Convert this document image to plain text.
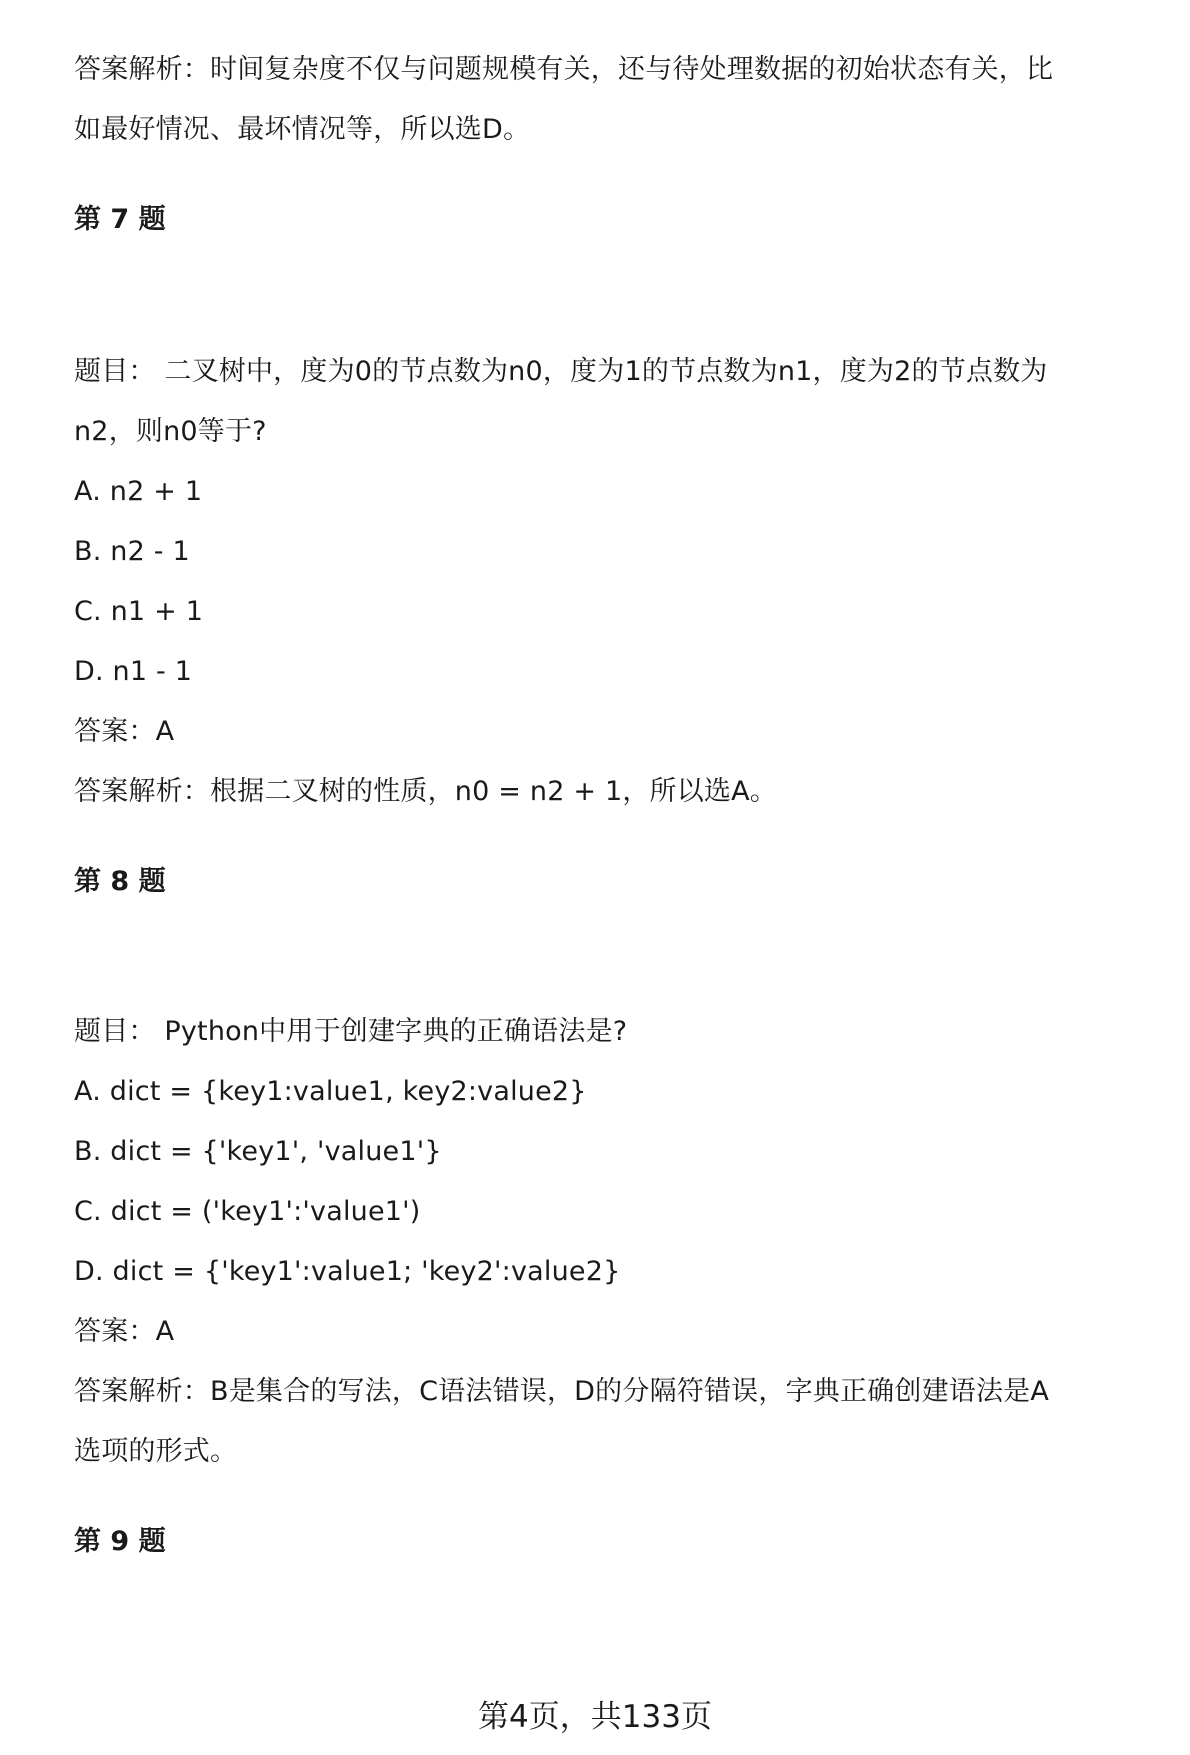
答案解析：时间复杂度不仅与问题规模有关，还与待处理数据的初始状态有关，比
如最好情况、最坏情况等，所以选D。
第 7 题
题目： 二叉树中，度为0的节点数为n0，度为1的节点数为n1，度为2的节点数为
n2，则n0等于?
A. n2 + 1
B. n2 - 1
C. n1 + 1
D. n1 - 1
答案：A
答案解析：根据二叉树的性质，n0 = n2 + 1，所以选A。
第 8 题
题目： Python中用于创建字典的正确语法是?
A. dict = {key1:value1, key2:value2}
B. dict = {'key1', 'value1'}
C. dict = ('key1':'value1')
D. dict = {'key1':value1; 'key2':value2}
答案：A
答案解析：B是集合的写法，C语法错误，D的分隔符错误，字典正确创建语法是A
选项的形式。
第 9 题
第4页，共133页
